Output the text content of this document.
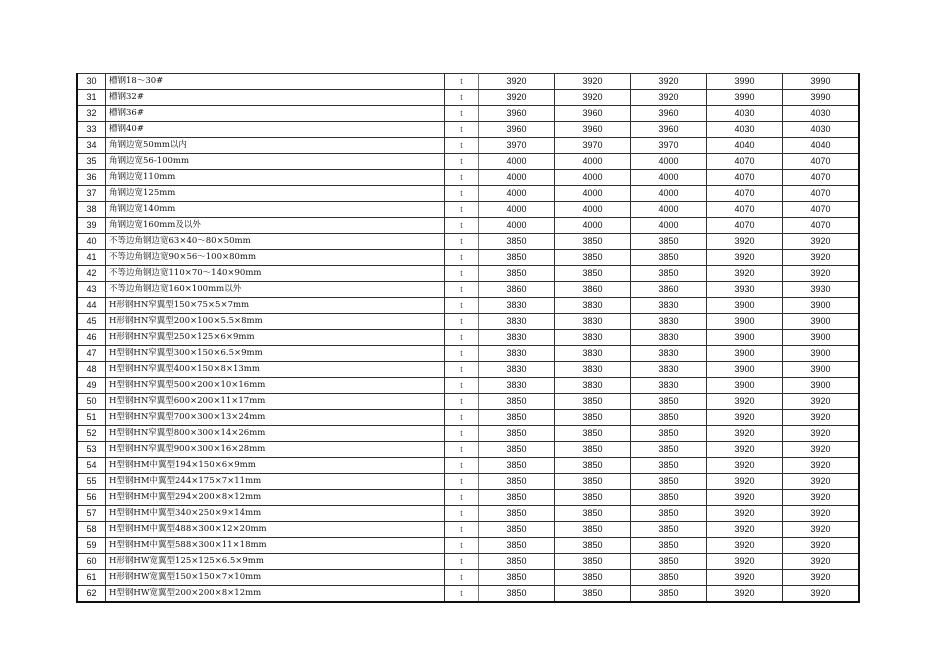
30	槽钢18～30#	t	3920	3920	3920	3990	3990
31	槽钢32#	t	3920	3920	3920	3990	3990
32	槽钢36#	t	3960	3960	3960	4030	4030
33	槽钢40#	t	3960	3960	3960	4030	4030
34	角钢边宽50mm以内	t	3970	3970	3970	4040	4040
35	角钢边宽56-100mm	t	4000	4000	4000	4070	4070
36	角钢边宽110mm	t	4000	4000	4000	4070	4070
37	角钢边宽125mm	t	4000	4000	4000	4070	4070
38	角钢边宽140mm	t	4000	4000	4000	4070	4070
39	角钢边宽160mm及以外	t	4000	4000	4000	4070	4070
40	不等边角钢边宽63×40～80×50mm	t	3850	3850	3850	3920	3920
41	不等边角钢边宽90×56～100×80mm	t	3850	3850	3850	3920	3920
42	不等边角钢边宽110×70～140×90mm	t	3850	3850	3850	3920	3920
43	不等边角钢边宽160×100mm以外	t	3860	3860	3860	3930	3930
44	H形钢HN窄翼型150×75×5×7mm	t	3830	3830	3830	3900	3900
45	H形钢HN窄翼型200×100×5.5×8mm	t	3830	3830	3830	3900	3900
46	H形钢HN窄翼型250×125×6×9mm	t	3830	3830	3830	3900	3900
47	H型钢HN窄翼型300×150×6.5×9mm	t	3830	3830	3830	3900	3900
48	H型钢HN窄翼型400×150×8×13mm	t	3830	3830	3830	3900	3900
49	H型钢HN窄翼型500×200×10×16mm	t	3830	3830	3830	3900	3900
50	H型钢HN窄翼型600×200×11×17mm	t	3850	3850	3850	3920	3920
51	H型钢HN窄翼型700×300×13×24mm	t	3850	3850	3850	3920	3920
52	H型钢HN窄翼型800×300×14×26mm	t	3850	3850	3850	3920	3920
53	H型钢HN窄翼型900×300×16×28mm	t	3850	3850	3850	3920	3920
54	H型钢HM中翼型194×150×6×9mm	t	3850	3850	3850	3920	3920
55	H型钢HM中翼型244×175×7×11mm	t	3850	3850	3850	3920	3920
56	H型钢HM中翼型294×200×8×12mm	t	3850	3850	3850	3920	3920
57	H型钢HM中翼型340×250×9×14mm	t	3850	3850	3850	3920	3920
58	H型钢HM中翼型488×300×12×20mm	t	3850	3850	3850	3920	3920
59	H型钢HM中翼型588×300×11×18mm	t	3850	3850	3850	3920	3920
60	H形钢HW宽翼型125×125×6.5×9mm	t	3850	3850	3850	3920	3920
61	H形钢HW宽翼型150×150×7×10mm	t	3850	3850	3850	3920	3920
62	H型钢HW宽翼型200×200×8×12mm	t	3850	3850	3850	3920	3920
